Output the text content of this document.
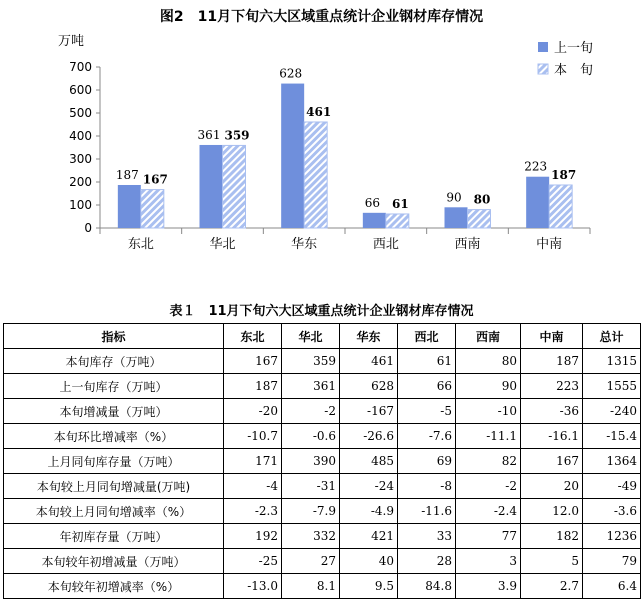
图2　11月下旬六大区域重点统计企业钢材库存情况
万吨
0
100
200
300
400
500
600
700
东北	华北	华东	西北	西南	中南
187
361
628
66	90
223
167
359
461
61	80
187
上一旬
本　旬
表１　11月下旬六大区域重点统计企业钢材库存情况
指标	东北	华北	华东	西北	西南	中南	总计
本旬库存（万吨）	167	359	461	61	80	187	1315
上一旬库存（万吨）	187	361	628	66	90	223	1555
本旬增减量（万吨）	-20	-2	-167	-5	-10	-36	-240
本旬环比增减率（%）	-10.7	-0.6	-26.6	-7.6	-11.1	-16.1	-15.4
上月同旬库存量（万吨）	171	390	485	69	82	167	1364
本旬较上月同旬增减量(万吨)	-4	-31	-24	-8	-2	20	-49
本旬较上月同旬增减率（%）	-2.3	-7.9	-4.9	-11.6	-2.4	12.0	-3.6
年初库存量（万吨）	192	332	421	33	77	182	1236
本旬较年初增减量（万吨）	-25	27	40	28	3	5	79
本旬较年初增减率（%）	-13.0	8.1	9.5	84.8	3.9	2.7	6.4
